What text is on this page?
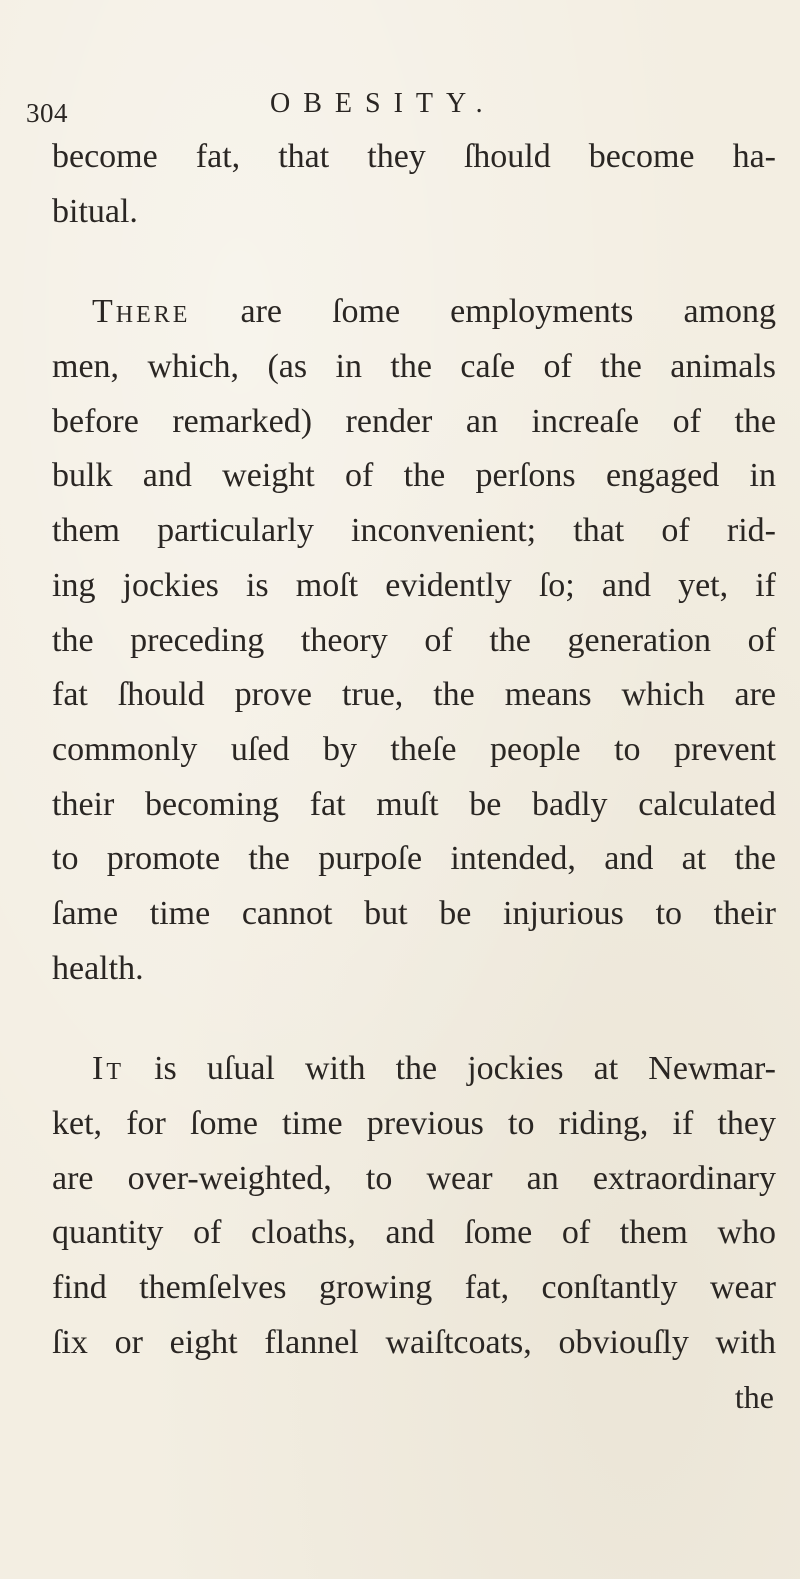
304	OBESITY.
become fat, that they ſhould become ha-
bitual.
There are ſome employments among
men, which, (as in the caſe of the animals
before remarked) render an increaſe of the
bulk and weight of the perſons engaged in
them particularly inconvenient; that of rid-
ing jockies is moſt evidently ſo; and yet, if
the preceding theory of the generation of
fat ſhould prove true, the means which are
commonly uſed by theſe people to prevent
their becoming fat muſt be badly calculated
to promote the purpoſe intended, and at the
ſame time cannot but be injurious to their
health.
It is uſual with the jockies at Newmar-
ket, for ſome time previous to riding, if they
are over-weighted, to wear an extraordinary
quantity of cloaths, and ſome of them who
find themſelves growing fat, conſtantly wear
ſix or eight flannel waiſtcoats, obviouſly with
the
